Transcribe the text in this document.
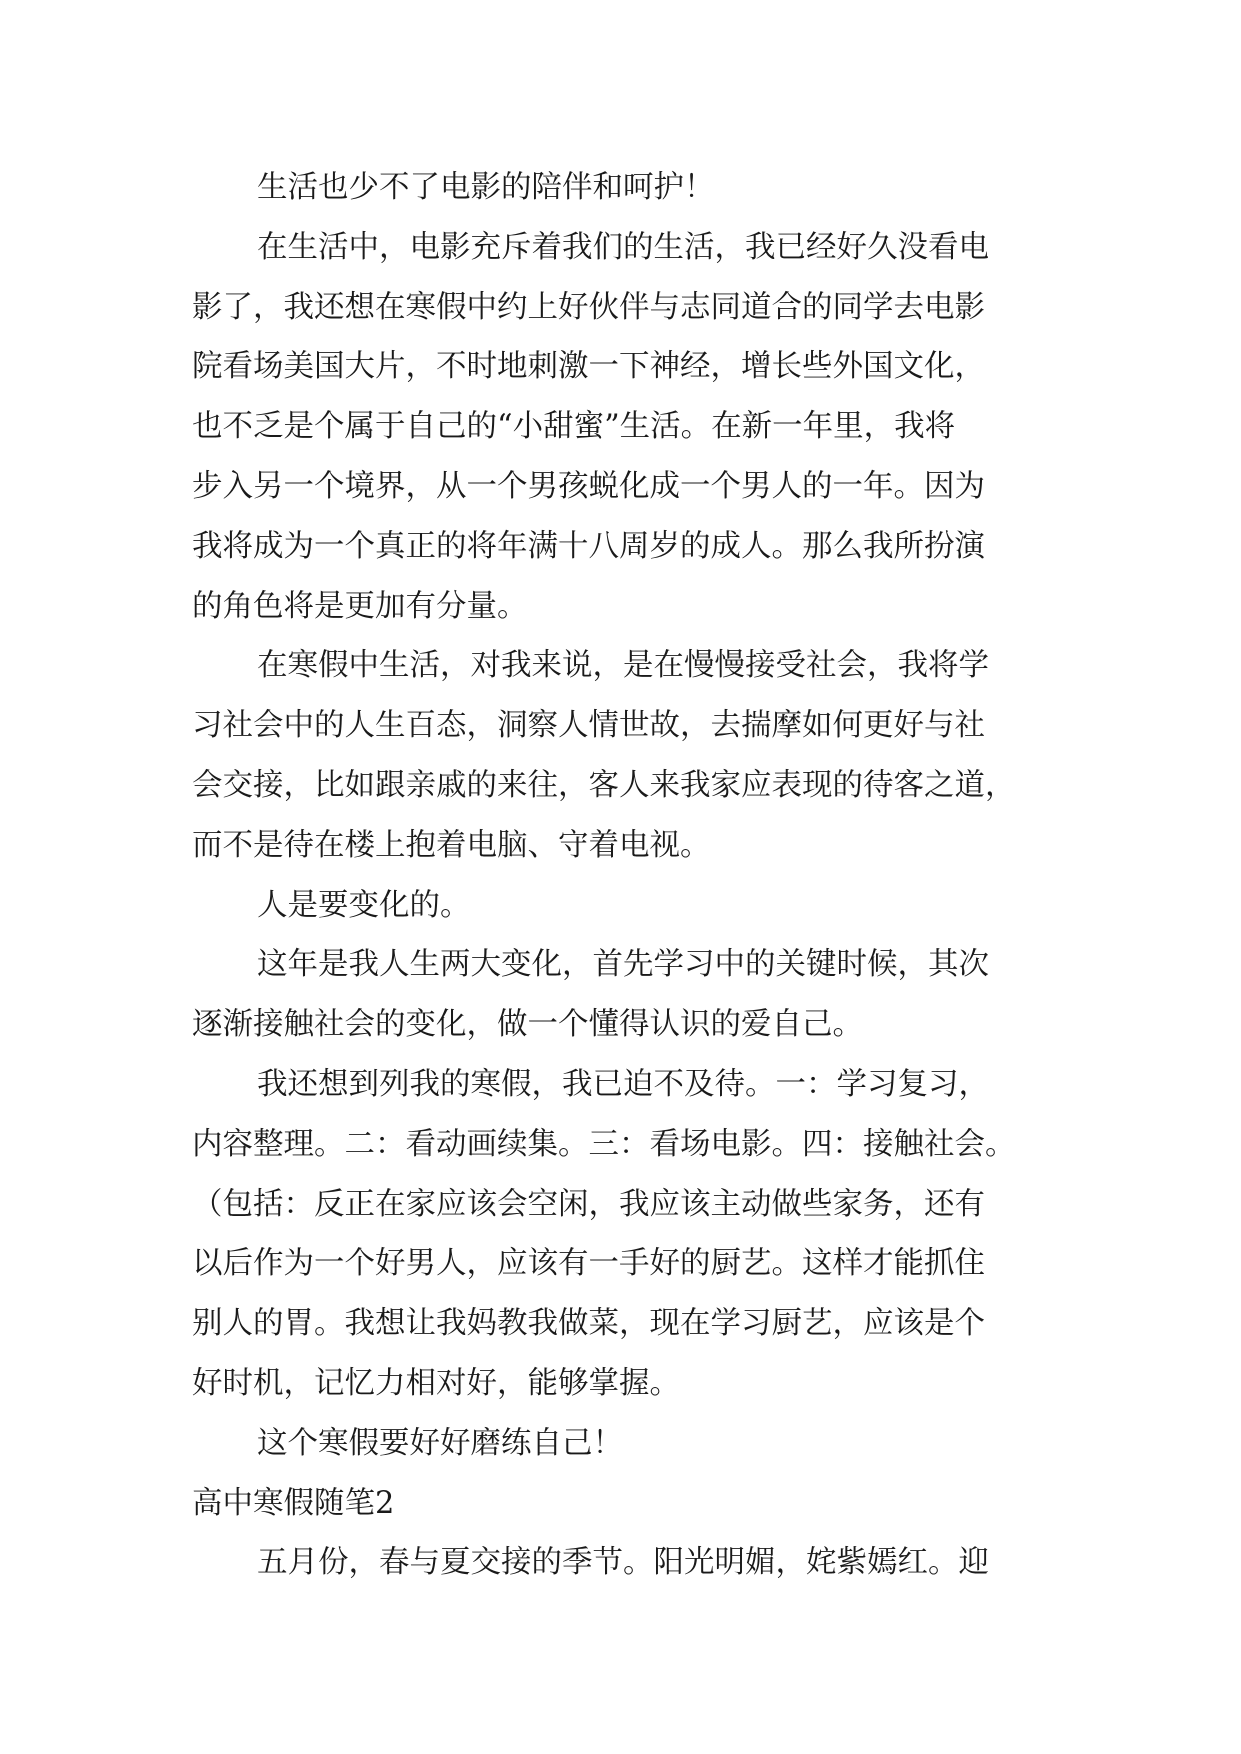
生活也少不了电影的陪伴和呵护！
在生活中，电影充斥着我们的生活，我已经好久没看电
影了，我还想在寒假中约上好伙伴与志同道合的同学去电影
院看场美国大片，不时地刺激一下神经，增长些外国文化，
也不乏是个属于自己的“小甜蜜”生活。在新一年里，我将
步入另一个境界，从一个男孩蜕化成一个男人的一年。因为
我将成为一个真正的将年满十八周岁的成人。那么我所扮演
的角色将是更加有分量。
在寒假中生活，对我来说，是在慢慢接受社会，我将学
习社会中的人生百态，洞察人情世故，去揣摩如何更好与社
会交接，比如跟亲戚的来往，客人来我家应表现的待客之道，
而不是待在楼上抱着电脑、守着电视。
人是要变化的。
这年是我人生两大变化，首先学习中的关键时候，其次
逐渐接触社会的变化，做一个懂得认识的爱自己。
我还想到列我的寒假，我已迫不及待。一：学习复习，
内容整理。二：看动画续集。三：看场电影。四：接触社会。
（包括：反正在家应该会空闲，我应该主动做些家务，还有
以后作为一个好男人，应该有一手好的厨艺。这样才能抓住
别人的胃。我想让我妈教我做菜，现在学习厨艺，应该是个
好时机，记忆力相对好，能够掌握。
这个寒假要好好磨练自己！
高中寒假随笔2
五月份，春与夏交接的季节。阳光明媚，姹紫嫣红。迎
